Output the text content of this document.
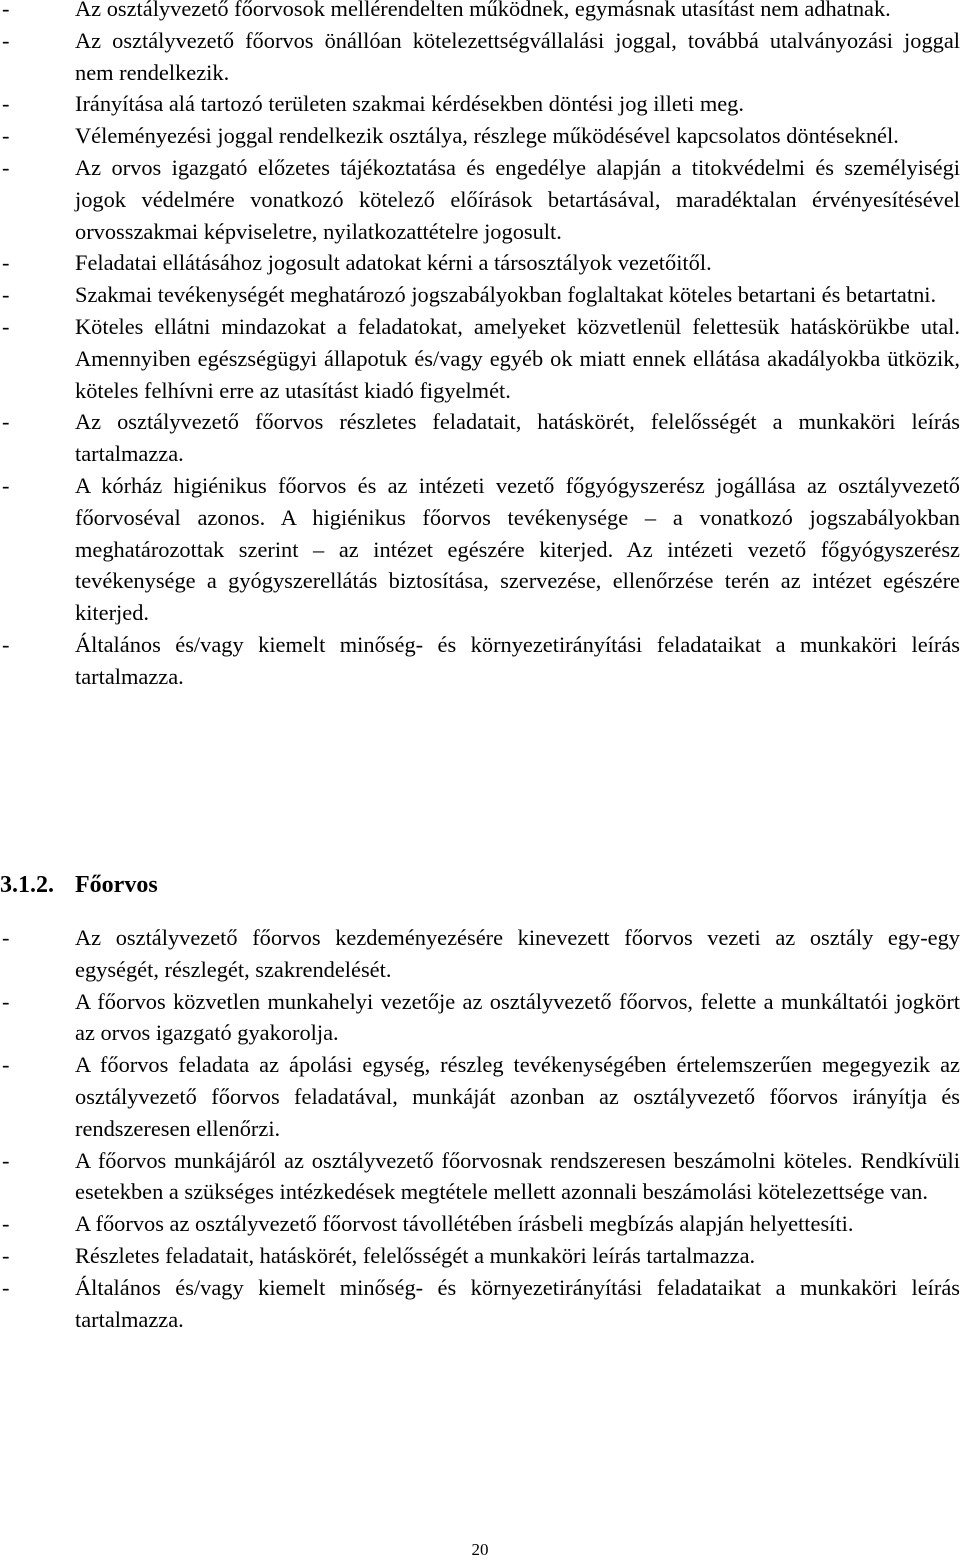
-	Az osztályvezető főorvosok mellérendelten működnek, egymásnak utasítást nem adhatnak.
-	Az osztályvezető főorvos önállóan kötelezettségvállalási joggal, továbbá utalványozási joggal nem rendelkezik.
-	Irányítása alá tartozó területen szakmai kérdésekben döntési jog illeti meg.
-	Véleményezési joggal rendelkezik osztálya, részlege működésével kapcsolatos döntéseknél.
-	Az orvos igazgató előzetes tájékoztatása és engedélye alapján a titokvédelmi és személyiségi jogok védelmére vonatkozó kötelező előírások betartásával, maradéktalan érvényesítésével orvosszakmai képviseletre, nyilatkozattételre jogosult.
-	Feladatai ellátásához jogosult adatokat kérni a társosztályok vezetőitől.
-	Szakmai tevékenységét meghatározó jogszabályokban foglaltakat köteles betartani és betartatni.
-	Köteles ellátni mindazokat a feladatokat, amelyeket közvetlenül felettesük hatáskörükbe utal. Amennyiben egészségügyi állapotuk és/vagy egyéb ok miatt ennek ellátása akadályokba ütközik, köteles felhívni erre az utasítást kiadó figyelmét.
-	Az osztályvezető főorvos részletes feladatait, hatáskörét, felelősségét a munkaköri leírás tartalmazza.
-	A kórház higiénikus főorvos és az intézeti vezető főgyógyszerész jogállása az osztályvezető főorvoséval azonos. A higiénikus főorvos tevékenysége – a vonatkozó jogszabályokban meghatározottak szerint – az intézet egészére kiterjed. Az intézeti vezető főgyógyszerész tevékenysége a gyógyszerellátás biztosítása, szervezése, ellenőrzése terén az intézet egészére kiterjed.
-	Általános és/vagy kiemelt minőség- és környezetirányítási feladataikat a munkaköri leírás tartalmazza.
3.1.2. Főorvos
-	Az osztályvezető főorvos kezdeményezésére kinevezett főorvos vezeti az osztály egy-egy egységét, részlegét, szakrendelését.
-	A főorvos közvetlen munkahelyi vezetője az osztályvezető főorvos, felette a munkáltatói jogkört az orvos igazgató gyakorolja.
-	A főorvos feladata az ápolási egység, részleg tevékenységében értelemszerűen megegyezik az osztályvezető főorvos feladatával, munkáját azonban az osztályvezető főorvos irányítja és rendszeresen ellenőrzi.
-	A főorvos munkájáról az osztályvezető főorvosnak rendszeresen beszámolni köteles. Rendkívüli esetekben a szükséges intézkedések megtétele mellett azonnali beszámolási kötelezettsége van.
-	A főorvos az osztályvezető főorvost távollétében írásbeli megbízás alapján helyettesíti.
-	Részletes feladatait, hatáskörét, felelősségét a munkaköri leírás tartalmazza.
-	Általános és/vagy kiemelt minőség- és környezetirányítási feladataikat a munkaköri leírás tartalmazza.
20
